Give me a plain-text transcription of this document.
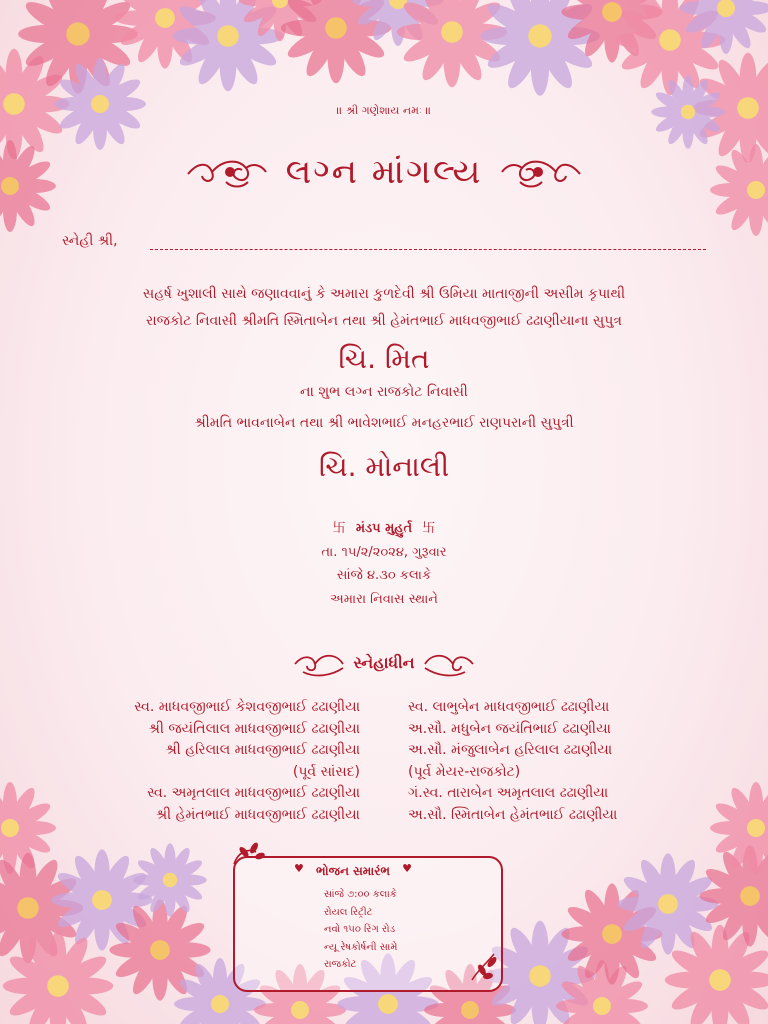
॥ શ્રી ગણેશાય નમઃ ॥
લગ્ન માંગલ્ય
સ્નેહી શ્રી,
સહર્ષ ખુશાલી સાથે જણાવવાનું કે અમારા કુળદેવી શ્રી ઉમિયા માતાજીની અસીમ કૃપાથી
રાજકોટ નિવાસી શ્રીમતિ સ્મિતાબેન તથા શ્રી હેમંતભાઈ માધવજીભાઈ ઢઢાણીયાના સુપુત્ર
ચિ. મિત
ના શુભ લગ્ન રાજકોટ નિવાસી
શ્રીમતિ ભાવનાબેન તથા શ્રી ભાવેશભાઈ મનહરભાઈ રાણપરાની સુપુત્રી
ચિ. મોનાલી
卐 મંડપ મુહુર્ત 卐
તા. ૧૫/૨/૨૦૨૪, ગુરૂવાર
સાંજે ૪.૩૦ કલાકે
અમારા નિવાસ સ્થાને
સ્નેહાધીન
સ્વ. માધવજીભાઈ કેશવજીભાઈ ઢઢાણીયા
શ્રી જયંતિલાલ માધવજીભાઈ ઢઢાણીયા
શ્રી હરિલાલ માધવજીભાઈ ઢઢાણીયા
(પૂર્વ સાંસદ)
સ્વ. અમૃતલાલ માધવજીભાઈ ઢઢાણીયા
શ્રી હેમંતભાઈ માધવજીભાઈ ઢઢાણીયા
સ્વ. લાભુબેન માધવજીભાઈ ઢઢાણીયા
અ.સૌ. મધુબેન જયંતિભાઈ ઢઢાણીયા
અ.સૌ. મંજુલાબેન હરિલાલ ઢઢાણીયા
(પૂર્વ મેયર-રાજકોટ)
ગં.સ્વ. તારાબેન અમૃતલાલ ઢઢાણીયા
અ.સૌ. સ્મિતાબેન હેમંતભાઈ ઢઢાણીયા
♥ ભોજન સમારંભ ♥
સાંજે ૭:૦૦ કલાકે
રોયલ રિટ્રીટ
નવો ૧૫૦ રિંગ રોડ
ન્યૂ રેષકોર્ષની સામે
રાજકોટ
